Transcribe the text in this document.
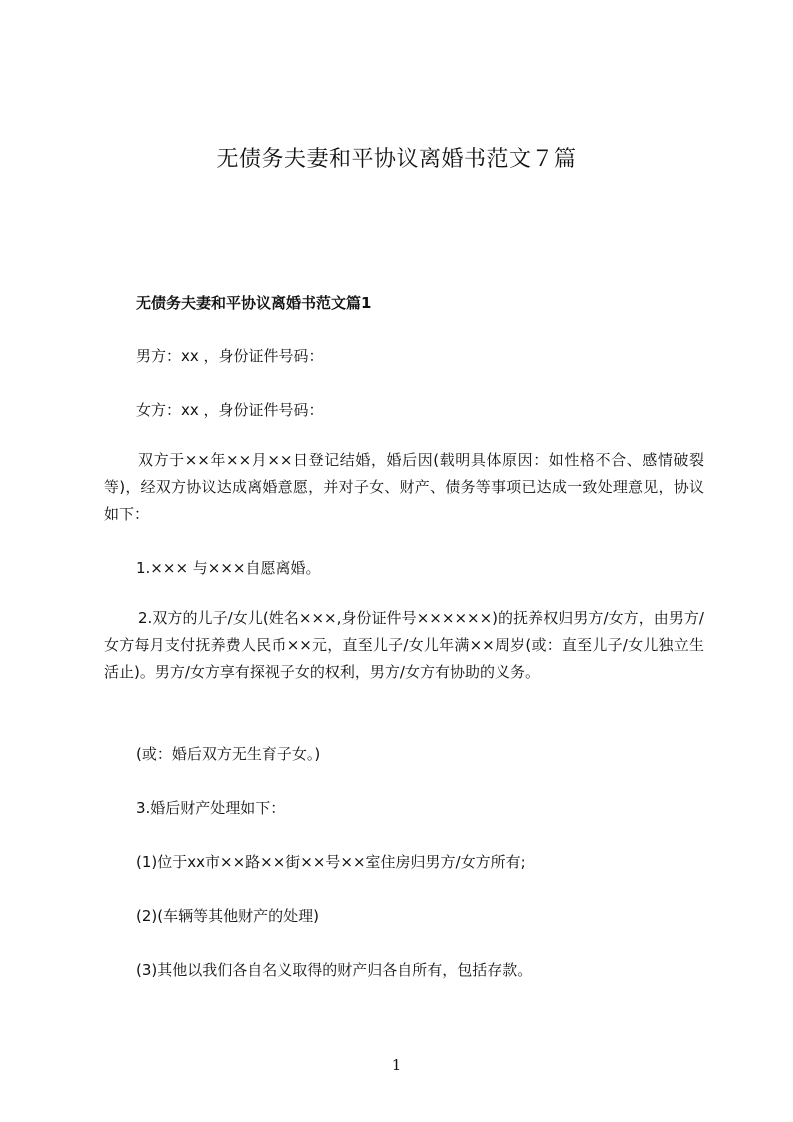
无债务夫妻和平协议离婚书范文７篇
无债务夫妻和平协议离婚书范文篇1
男方：xx ，身份证件号码：
女方：xx ，身份证件号码：
双方于××年××月××日登记结婚，婚后因(载明具体原因：如性格不合、感情破裂等)，经双方协议达成离婚意愿，并对子女、财产、债务等事项已达成一致处理意见，协议如下：
1.××× 与×××自愿离婚。
2.双方的儿子/女儿(姓名×××,身份证件号××××××)的抚养权归男方/女方，由男方/女方每月支付抚养费人民币××元，直至儿子/女儿年满××周岁(或：直至儿子/女儿独立生活止)。男方/女方享有探视子女的权利，男方/女方有协助的义务。
(或：婚后双方无生育子女。)
3.婚后财产处理如下：
(1)位于xx市××路××街××号××室住房归男方/女方所有;
(2)(车辆等其他财产的处理)
(3)其他以我们各自名义取得的财产归各自所有，包括存款。
1
